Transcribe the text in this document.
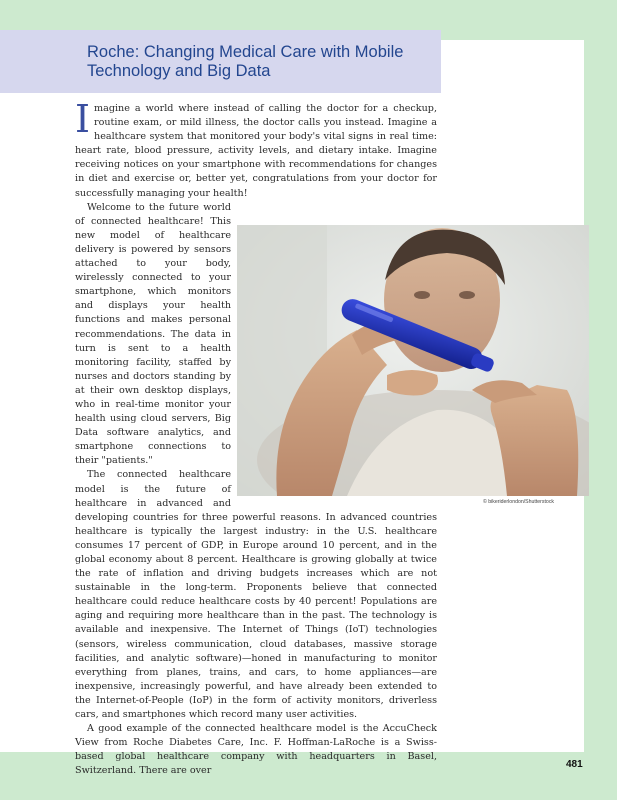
Roche: Changing Medical Care with Mobile Technology and Big Data
© bikeriderlondon/Shutterstock

Imagine a world where instead of calling the doctor for a checkup, routine exam, or mild illness, the doctor calls you instead. Imagine a healthcare system that monitored your body's vital signs in real time: heart rate, blood pressure, activity levels, and dietary intake. Imagine receiving notices on your smartphone with recommendations for changes in diet and exercise or, better yet, congratulations from your doctor for successfully managing your health!

Welcome to the future world of connected healthcare! This new model of healthcare delivery is powered by sensors attached to your body, wirelessly connected to your smartphone, which monitors and displays your health functions and makes personal recommendations. The data in turn is sent to a health monitoring facility, staffed by nurses and doctors standing by at their own desktop displays, who in real-time monitor your health using cloud servers, Big Data software analytics, and smartphone connections to their "patients."

The connected healthcare model is the future of healthcare in advanced and developing countries for three powerful reasons. In advanced countries healthcare is typically the largest industry: in the U.S. healthcare consumes 17 percent of GDP, in Europe around 10 percent, and in the global economy about 8 percent. Healthcare is growing globally at twice the rate of inflation and driving budgets increases which are not sustainable in the long-term. Proponents believe that connected healthcare could reduce healthcare costs by 40 percent! Populations are aging and requiring more healthcare than in the past. The technology is available and inexpensive. The Internet of Things (IoT) technologies (sensors, wireless communication, cloud databases, massive storage facilities, and analytic software)—honed in manufacturing to monitor everything from planes, trains, and cars, to home appliances—are inexpensive, increasingly powerful, and have already been extended to the Internet-of-People (IoP) in the form of activity monitors, driverless cars, and smartphones which record many user activities.

A good example of the connected healthcare model is the AccuCheck View from Roche Diabetes Care, Inc. F. Hoffman-LaRoche is a Swiss-based global healthcare company with headquarters in Basel, Switzerland. There are over

481
